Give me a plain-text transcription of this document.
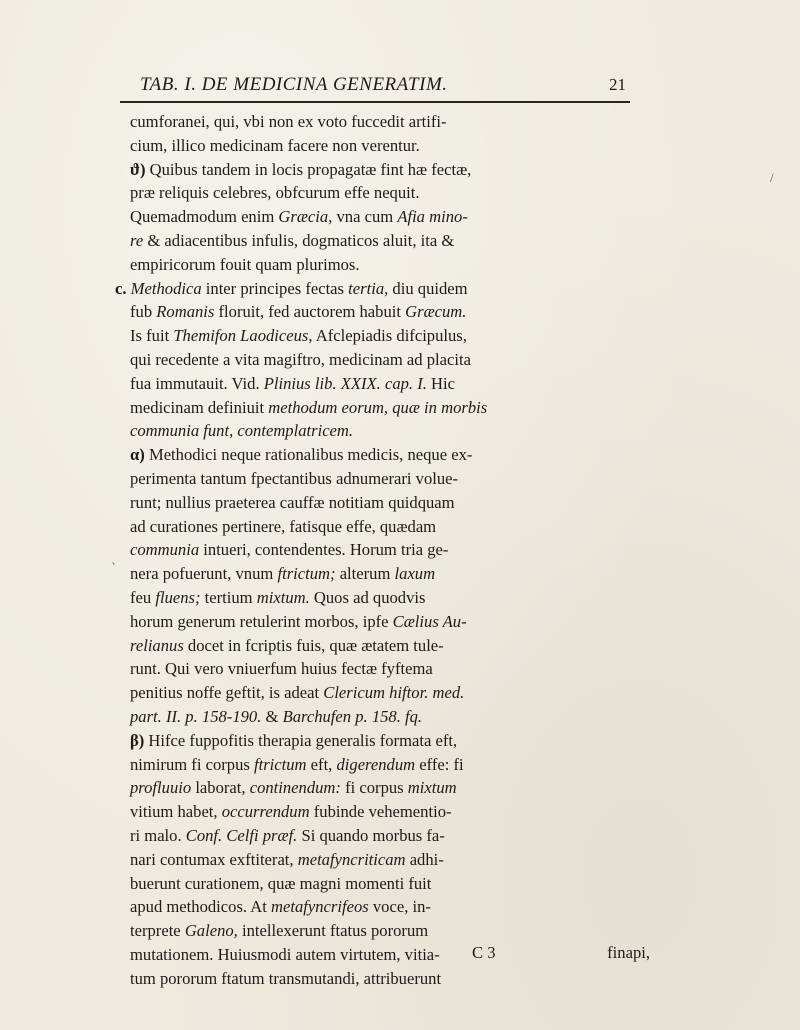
TAB. I. DE MEDICINA GENERATIM.	21
cumforanei, qui, vbi non ex voto fuccedit artifi-
cium, illico medicinam facere non verentur.
ϑ) Quibus tandem in locis propagatæ fint hæ fectæ,
præ reliquis celebres, obfcurum effe nequit.
Quemadmodum enim Græcia, vna cum Afia mino-
re & adiacentibus infulis, dogmaticos aluit, ita &
empiricorum fouit quam plurimos.
c. Methodica inter principes fectas tertia, diu quidem
fub Romanis floruit, fed auctorem habuit Græcum.
Is fuit Themifon Laodiceus, Afclepiadis difcipulus,
qui recedente a vita magiftro, medicinam ad placita
fua immutauit. Vid. Plinius lib. XXIX. cap. I. Hic
medicinam definiuit methodum eorum, quæ in morbis
communia funt, contemplatricem.
α) Methodici neque rationalibus medicis, neque ex-
perimenta tantum fpectantibus adnumerari volue-
runt; nullius praeterea cauffæ notitiam quidquam
ad curationes pertinere, fatisque effe, quædam
communia intueri, contendentes. Horum tria ge-
nera pofuerunt, vnum ftrictum; alterum laxum
feu fluens; tertium mixtum. Quos ad quodvis
horum generum retulerint morbos, ipfe Cælius Au-
relianus docet in fcriptis fuis, quæ ætatem tule-
runt. Qui vero vniuerfum huius fectæ fyftema
penitius noffe geftit, is adeat Clericum hiftor. med.
part. II. p. 158-190. & Barchufen p. 158. fq.
β) Hifce fuppofitis therapia generalis formata eft,
nimirum fi corpus ftrictum eft, digerendum effe: fi
profluuio laborat, continendum: fi corpus mixtum
vitium habet, occurrendum fubinde vehementio-
ri malo. Conf. Celfi præf. Si quando morbus fa-
nari contumax exftiterat, metafyncriticam adhi-
buerunt curationem, quæ magni momenti fuit
apud methodicos. At metafyncrifeos voce, in-
terprete Galeno, intellexerunt ftatus pororum
mutationem. Huiusmodi autem virtutem, vitia-
tum pororum ftatum transmutandi, attribuerunt
C 3	finapi,
/
‵
